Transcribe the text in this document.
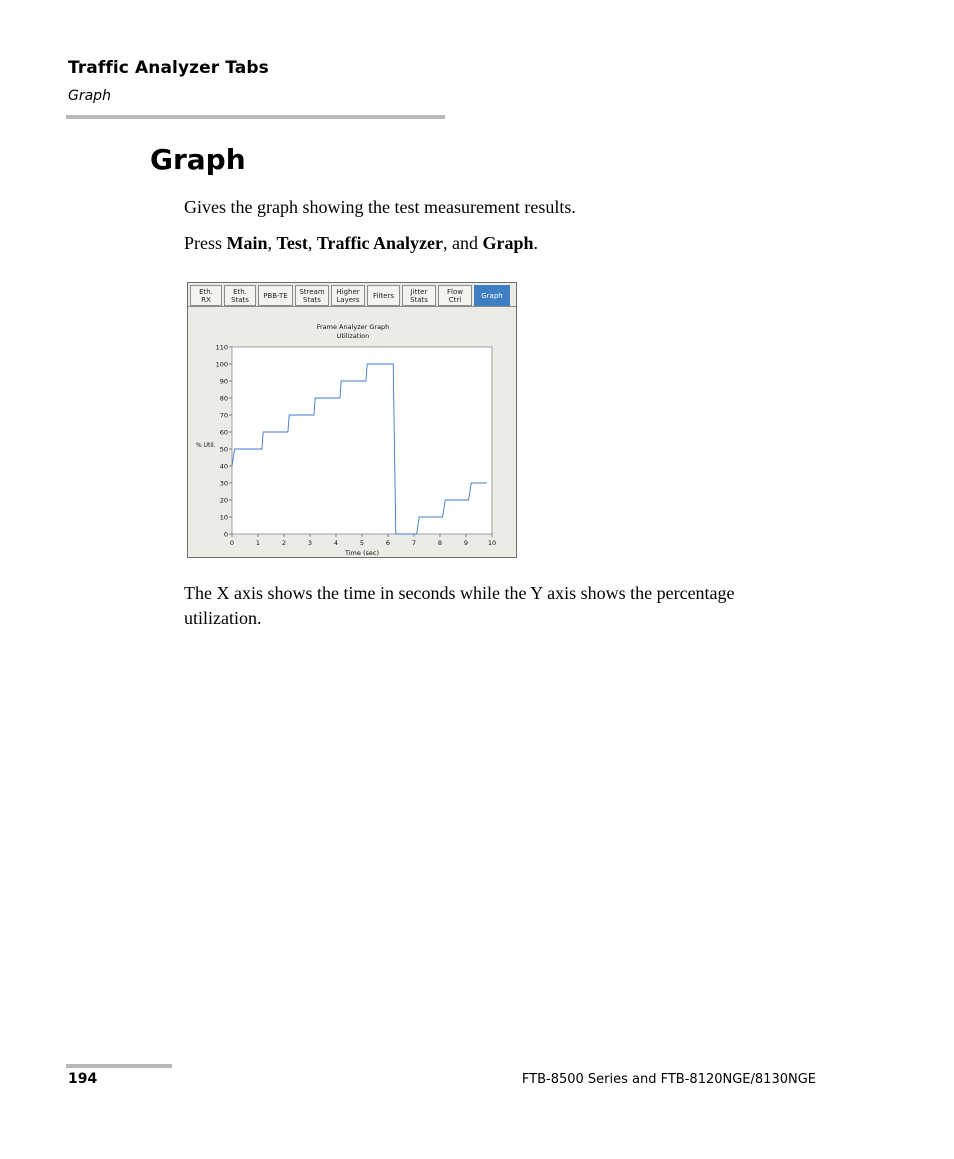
Traffic Analyzer Tabs
Graph
Graph
Gives the graph showing the test measurement results.
Press Main, Test, Traffic Analyzer, and Graph.
Eth.
RX
Eth.
Stats	PBB-TE	Stream
Stats
Higher
Layers	Filters	Jitter
Stats
Flow
Ctrl	Graph
Frame Analyzer Graph
Utilization
0
10
20
30
40
50
60
70
80
90
100
110
0	1	2	3	4	5	6	7	8	9	10
Time (sec)
% Util.
The X axis shows the time in seconds while the Y axis shows the percentage utilization.
194	FTB-8500 Series and FTB-8120NGE/8130NGE
